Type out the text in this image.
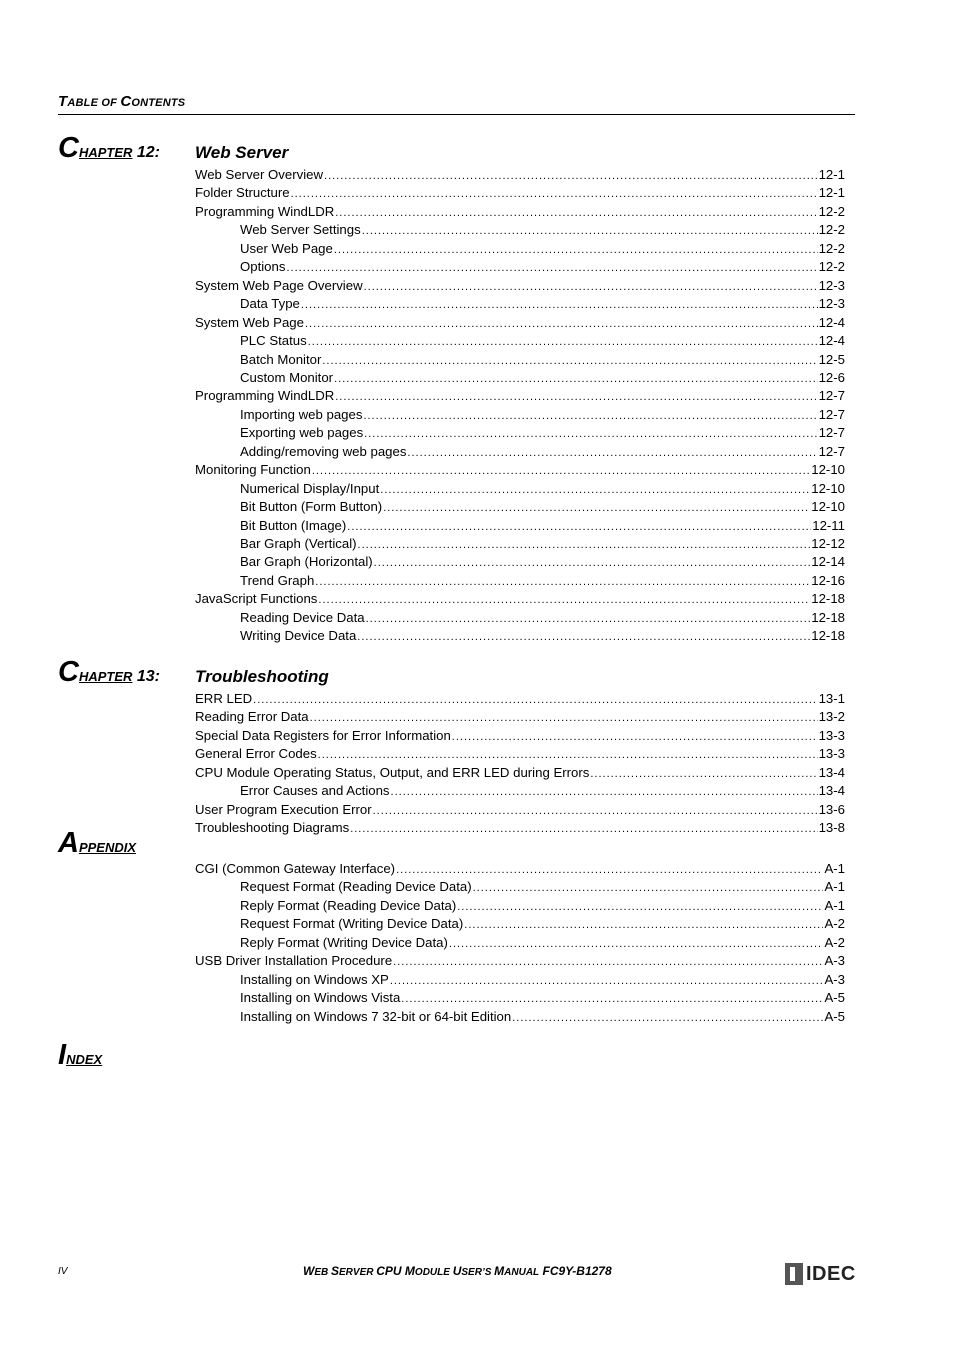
TABLE OF CONTENTS
CHAPTER 12: Web Server
Web Server Overview .....	12-1
Folder Structure .....	12-1
Programming WindLDR .....	12-2
Web Server Settings .....	12-2
User Web Page .....	12-2
Options .....	12-2
System Web Page Overview .....	12-3
Data Type .....	12-3
System Web Page .....	12-4
PLC Status .....	12-4
Batch Monitor .....	12-5
Custom Monitor .....	12-6
Programming WindLDR .....	12-7
Importing web pages .....	12-7
Exporting web pages .....	12-7
Adding/removing web pages .....	12-7
Monitoring Function .....	12-10
Numerical Display/Input .....	12-10
Bit Button (Form Button) .....	12-10
Bit Button (Image) .....	12-11
Bar Graph (Vertical) .....	12-12
Bar Graph (Horizontal) .....	12-14
Trend Graph .....	12-16
JavaScript Functions .....	12-18
Reading Device Data .....	12-18
Writing Device Data .....	12-18
CHAPTER 13: Troubleshooting
ERR LED .....	13-1
Reading Error Data .....	13-2
Special Data Registers for Error Information .....	13-3
General Error Codes .....	13-3
CPU Module Operating Status, Output, and ERR LED during Errors .....	13-4
Error Causes and Actions .....	13-4
User Program Execution Error .....	13-6
Troubleshooting Diagrams .....	13-8
APPENDIX
CGI (Common Gateway Interface) .....	A-1
Request Format (Reading Device Data) .....	A-1
Reply Format (Reading Device Data) .....	A-1
Request Format (Writing Device Data) .....	A-2
Reply Format (Writing Device Data) .....	A-2
USB Driver Installation Procedure .....	A-3
Installing on Windows XP .....	A-3
Installing on Windows Vista .....	A-5
Installing on Windows 7 32-bit or 64-bit Edition .....	A-5
INDEX
IV	WEB SERVER CPU MODULE USER’S MANUAL FC9Y-B1278	IDEC
